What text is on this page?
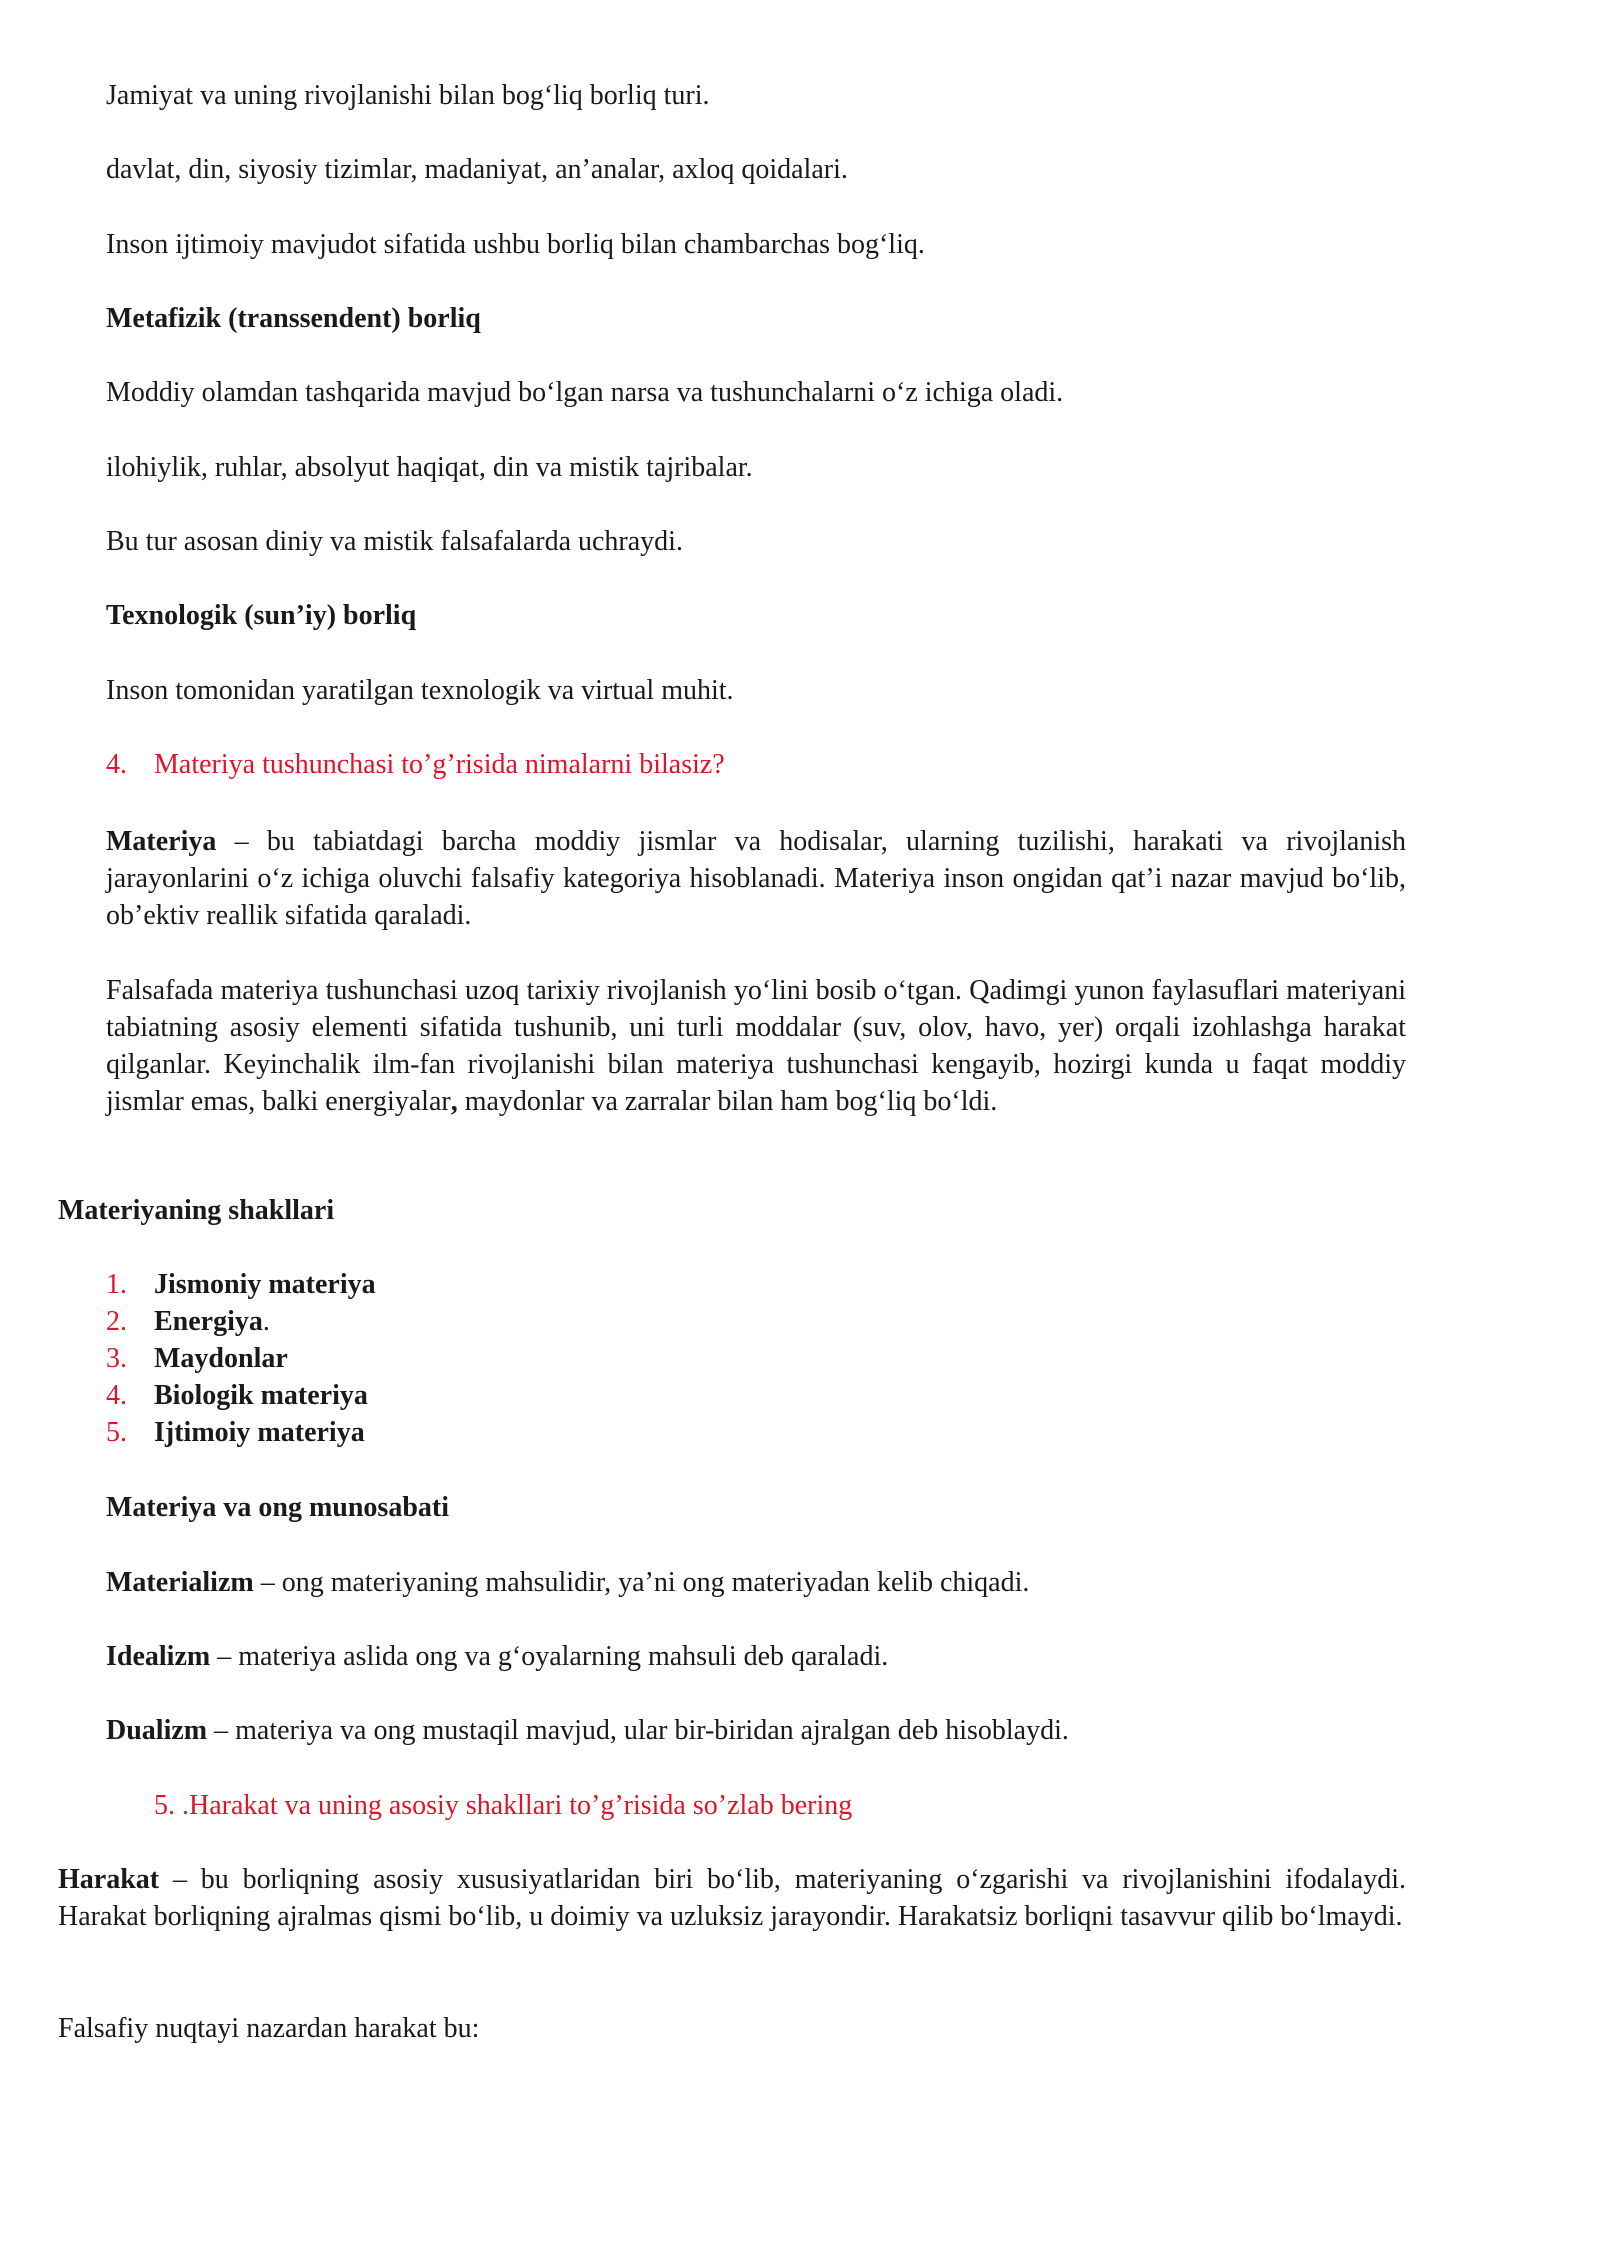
Jamiyat va uning rivojlanishi bilan bog‘liq borliq turi.

davlat, din, siyosiy tizimlar, madaniyat, an’analar, axloq qoidalari.

Inson ijtimoiy mavjudot sifatida ushbu borliq bilan chambarchas bog‘liq.

Metafizik (transsendent) borliq

Moddiy olamdan tashqarida mavjud bo‘lgan narsa va tushunchalarni o‘z ichiga oladi.

ilohiylik, ruhlar, absolyut haqiqat, din va mistik tajribalar.

Bu tur asosan diniy va mistik falsafalarda uchraydi.

Texnologik (sun’iy) borliq

Inson tomonidan yaratilgan texnologik va virtual muhit.

4. Materiya tushunchasi to’g’risida nimalarni bilasiz?

Materiya – bu tabiatdagi barcha moddiy jismlar va hodisalar, ularning tuzilishi, harakati va rivojlanish jarayonlarini o‘z ichiga oluvchi falsafiy kategoriya hisoblanadi. Materiya inson ongidan qat’i nazar mavjud bo‘lib, ob’ektiv reallik sifatida qaraladi.

Falsafada materiya tushunchasi uzoq tarixiy rivojlanish yo‘lini bosib o‘tgan. Qadimgi yunon faylasuflari materiyani tabiatning asosiy elementi sifatida tushunib, uni turli moddalar (suv, olov, havo, yer) orqali izohlashga harakat qilganlar. Keyinchalik ilm-fan rivojlanishi bilan materiya tushunchasi kengayib, hozirgi kunda u faqat moddiy jismlar emas, balki energiyalar, maydonlar va zarralar bilan ham bog‘liq bo‘ldi.

Materiyaning shakllari

1. Jismoniy materiya
2. Energiya.
3. Maydonlar
4. Biologik materiya
5. Ijtimoiy materiya

Materiya va ong munosabati

Materializm – ong materiyaning mahsulidir, ya’ni ong materiyadan kelib chiqadi.

Idealizm – materiya aslida ong va g‘oyalarning mahsuli deb qaraladi.

Dualizm – materiya va ong mustaqil mavjud, ular bir-biridan ajralgan deb hisoblaydi.

5. .Harakat va uning asosiy shakllari to’g’risida so’zlab bering

Harakat – bu borliqning asosiy xususiyatlaridan biri bo‘lib, materiyaning o‘zgarishi va rivojlanishini ifodalaydi. Harakat borliqning ajralmas qismi bo‘lib, u doimiy va uzluksiz jarayondir. Harakatsiz borliqni tasavvur qilib bo‘lmaydi.

Falsafiy nuqtayi nazardan harakat bu:
